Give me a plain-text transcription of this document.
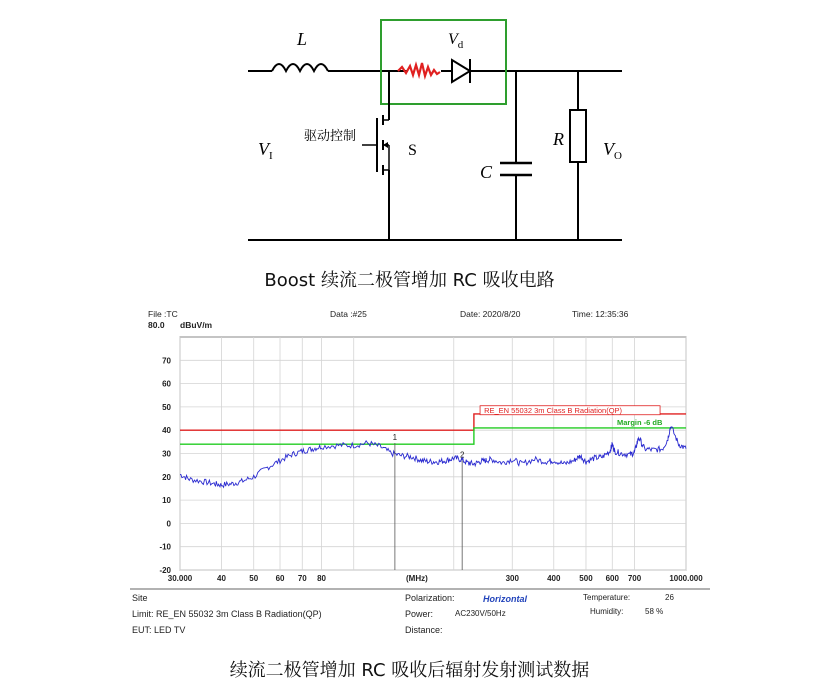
L	$V_d$
$V_I$
驱动控制
S
C
R $V_O$
Boost 续流二极管增加 RC 吸收电路
File :TC	Data :#25	Date: 2020/8/20	Time: 12:35:36
80.0 dBuV/m
-20
-10
0
10
20
30
40
50
60
70
30.000	40	50 60 70 80	(MHz)	300	400 500 600 700	1000.000
RE_EN 55032 3m Class B Radiation(QP)
Margin -6 dB
1
2
Site
Limit: RE_EN 55032 3m Class B Radiation(QP)
EUT: LED TV
Polarization:	Horizontal
Power:	AC230V/50Hz
Distance:
Temperature:	26
Humidity:	58 %
续流二极管增加 RC 吸收后辐射发射测试数据
